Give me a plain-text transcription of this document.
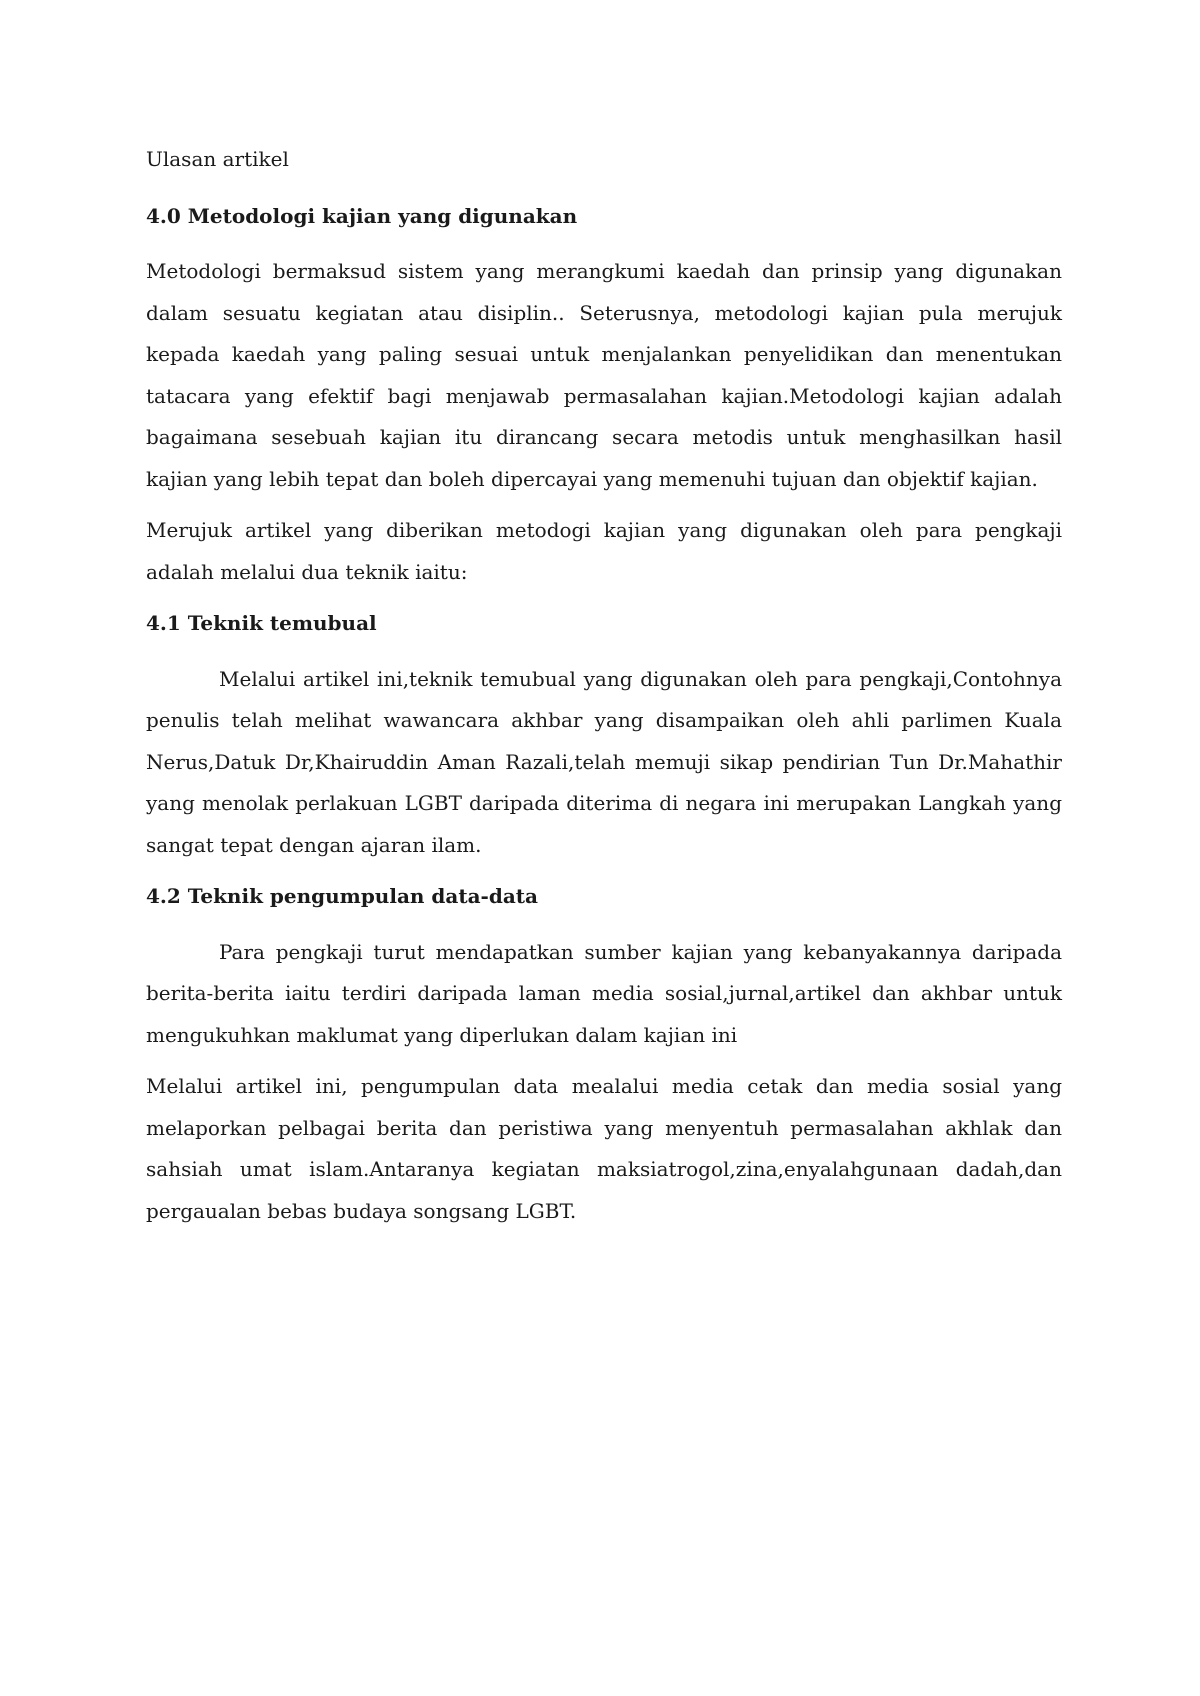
Ulasan artikel

4.0 Metodologi kajian yang digunakan

Metodologi bermaksud sistem yang merangkumi kaedah dan prinsip yang digunakan dalam sesuatu kegiatan atau disiplin.. Seterusnya, metodologi kajian pula merujuk kepada kaedah yang paling sesuai untuk menjalankan penyelidikan dan menentukan tatacara yang efektif bagi menjawab permasalahan kajian.Metodologi kajian adalah bagaimana sesebuah kajian itu dirancang secara metodis untuk menghasilkan hasil kajian yang lebih tepat dan boleh dipercayai yang memenuhi tujuan dan objektif kajian.

Merujuk artikel yang diberikan metodogi kajian yang digunakan oleh para pengkaji adalah melalui dua teknik iaitu:

4.1 Teknik temubual

Melalui artikel ini,teknik temubual yang digunakan oleh para pengkaji,Contohnya penulis telah melihat wawancara akhbar yang disampaikan oleh ahli parlimen Kuala Nerus,Datuk Dr,Khairuddin Aman Razali,telah memuji sikap pendirian Tun Dr.Mahathir yang menolak perlakuan LGBT daripada diterima di negara ini merupakan Langkah yang sangat tepat dengan ajaran ilam.

4.2 Teknik pengumpulan data-data

Para pengkaji turut mendapatkan sumber kajian yang kebanyakannya daripada berita-berita iaitu terdiri daripada laman media sosial,jurnal,artikel dan akhbar untuk mengukuhkan maklumat yang diperlukan dalam kajian ini

Melalui artikel ini, pengumpulan data mealalui media cetak dan media sosial yang melaporkan pelbagai berita dan peristiwa yang menyentuh permasalahan akhlak dan sahsiah umat islam.Antaranya kegiatan maksiatrogol,zina,enyalahgunaan dadah,dan pergaualan bebas budaya songsang LGBT.
